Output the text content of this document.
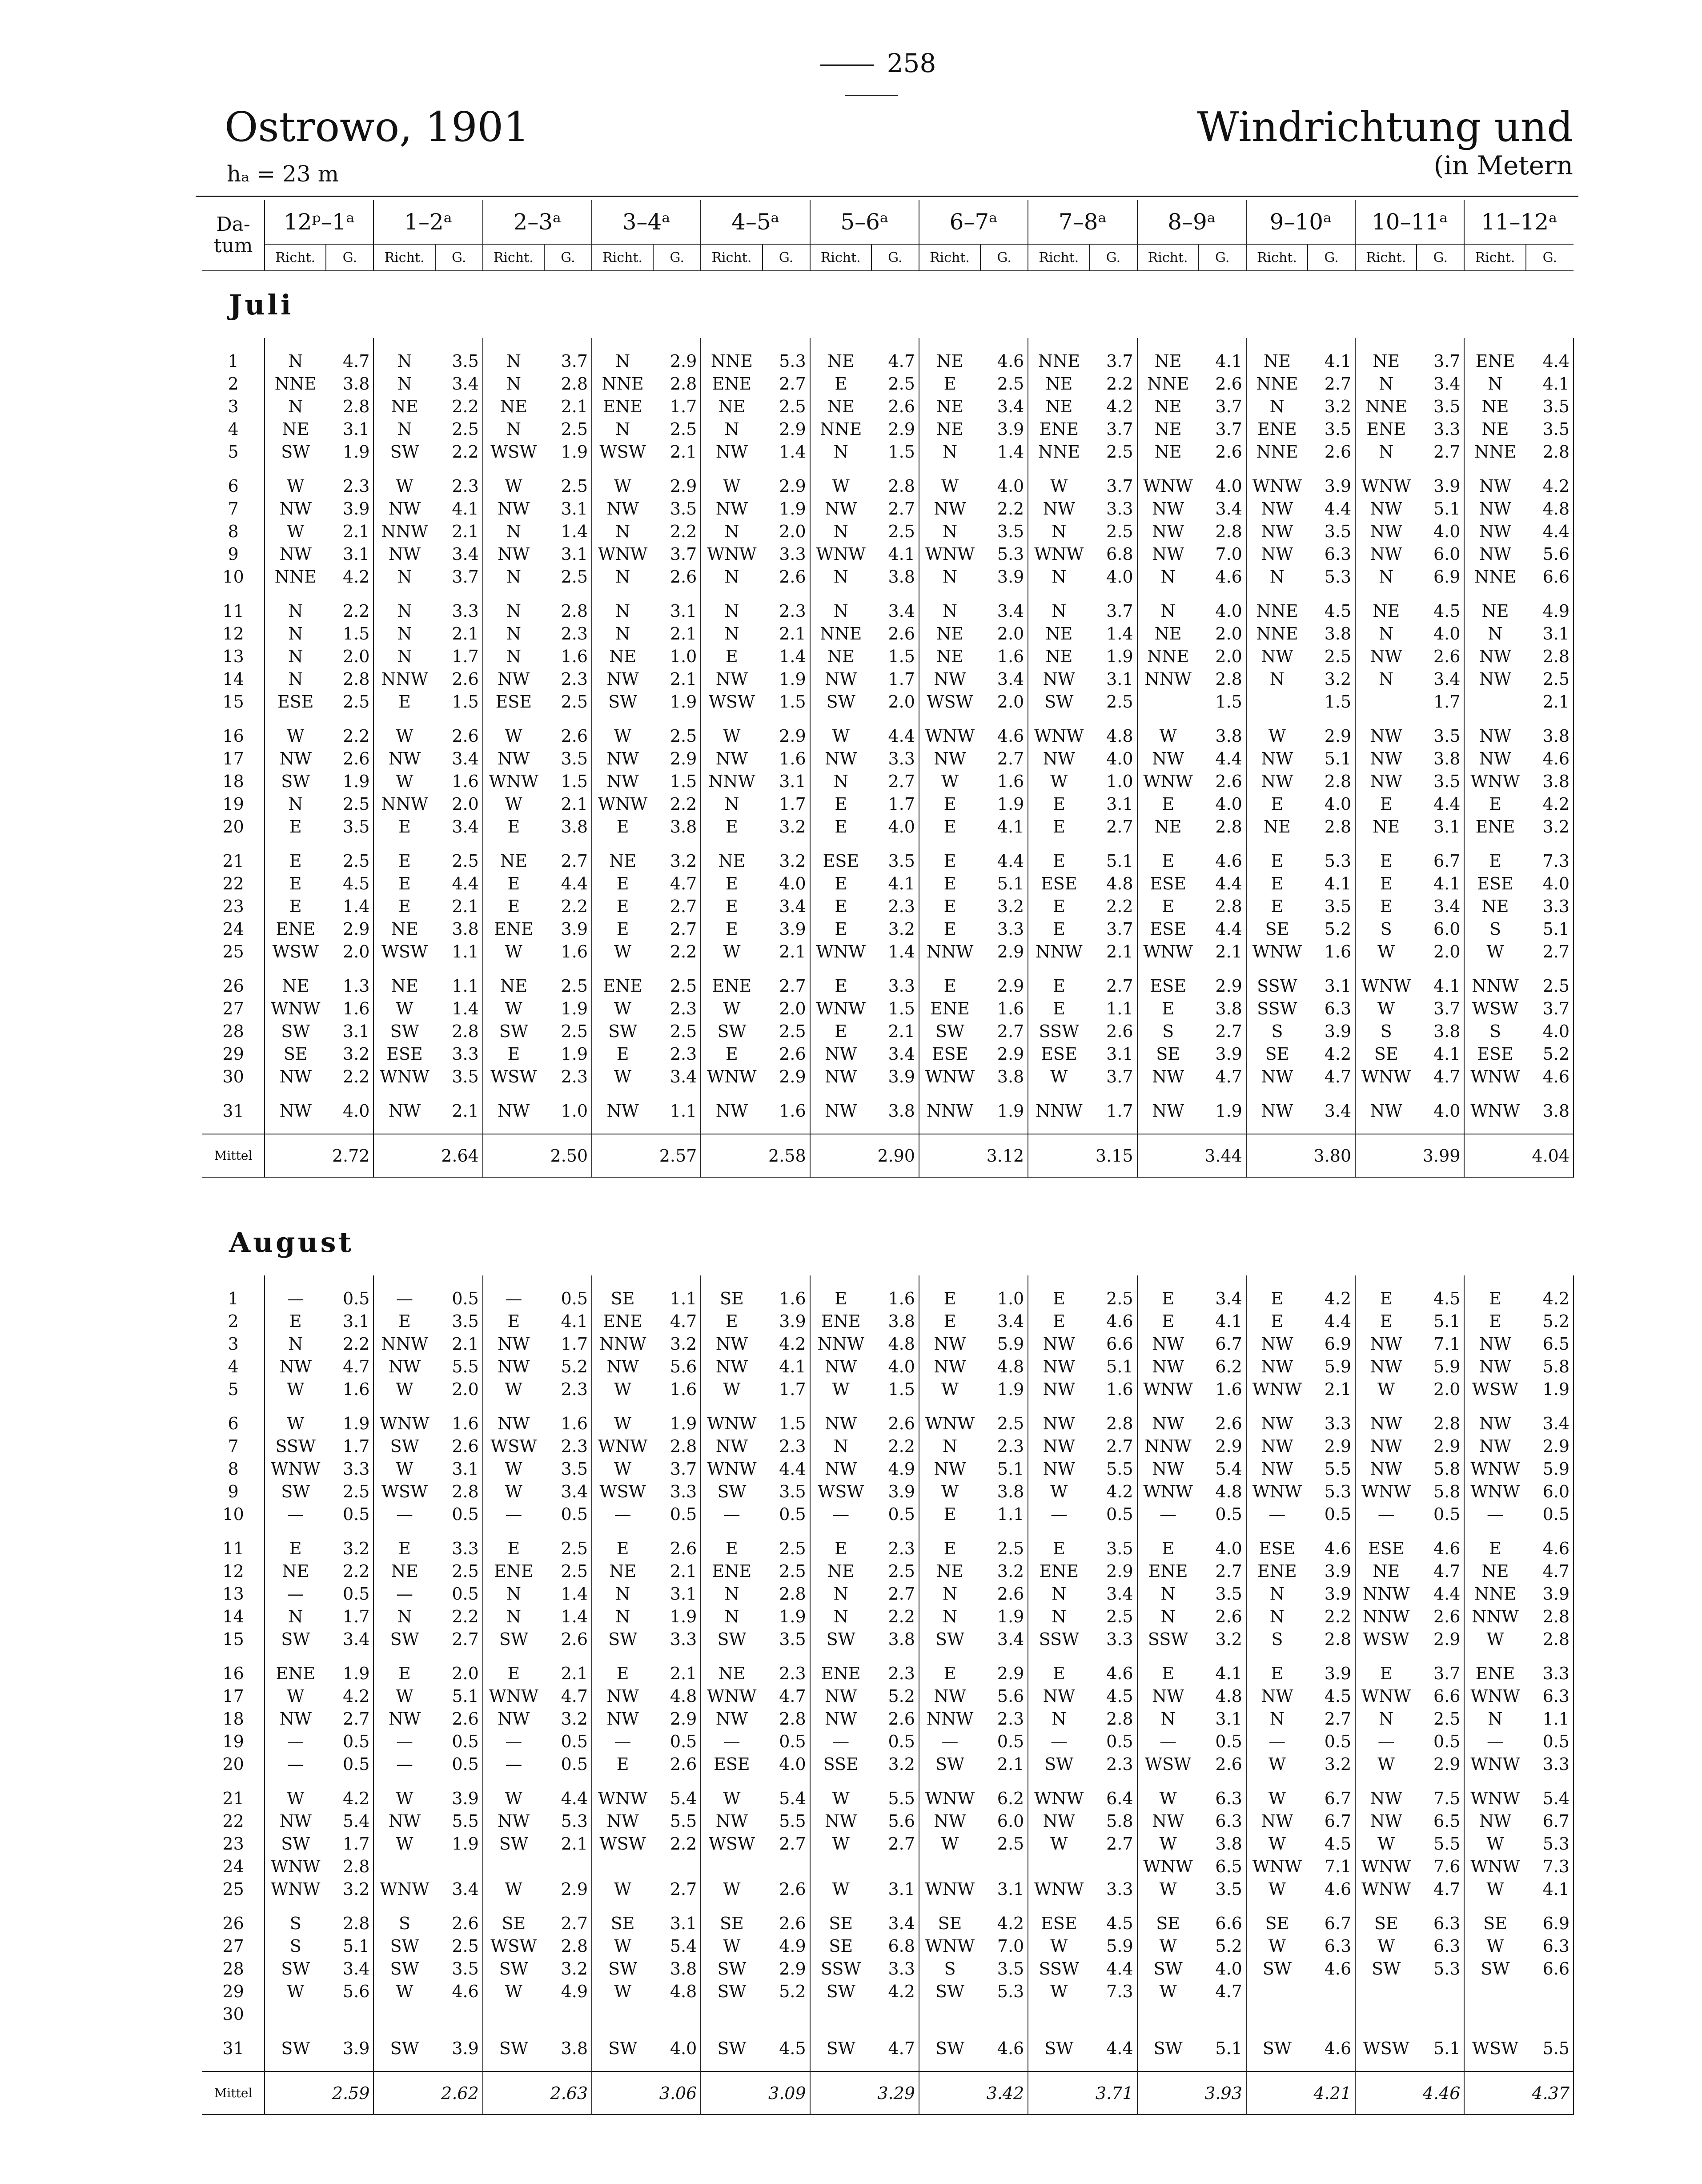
258
Ostrowo, 1901	Windrichtung und
hₐ = 23 m	(in Metern
Da-
tum	12ᵖ–1ᵃ		1–2ᵃ		2–3ᵃ		3–4ᵃ		4–5ᵃ		5–6ᵃ		6–7ᵃ		7–8ᵃ		8–9ᵃ		9–10ᵃ		10–11ᵃ		11–12ᵃ	
	Richt.	G.	Richt.	G.	Richt.	G.	Richt.	G.	Richt.	G.	Richt.	G.	Richt.	G.	Richt.	G.	Richt.	G.	Richt.	G.	Richt.	G.	Richt.	G.
Juli																								

1	N	4.7	N	3.5	N	3.7	N	2.9	NNE	5.3	NE	4.7	NE	4.6	NNE	3.7	NE	4.1	NE	4.1	NE	3.7	ENE	4.4
2	NNE	3.8	N	3.4	N	2.8	NNE	2.8	ENE	2.7	E	2.5	E	2.5	NE	2.2	NNE	2.6	NNE	2.7	N	3.4	N	4.1
3	N	2.8	NE	2.2	NE	2.1	ENE	1.7	NE	2.5	NE	2.6	NE	3.4	NE	4.2	NE	3.7	N	3.2	NNE	3.5	NE	3.5
4	NE	3.1	N	2.5	N	2.5	N	2.5	N	2.9	NNE	2.9	NE	3.9	ENE	3.7	NE	3.7	ENE	3.5	ENE	3.3	NE	3.5
5	SW	1.9	SW	2.2	WSW	1.9	WSW	2.1	NW	1.4	N	1.5	N	1.4	NNE	2.5	NE	2.6	NNE	2.6	N	2.7	NNE	2.8

6	W	2.3	W	2.3	W	2.5	W	2.9	W	2.9	W	2.8	W	4.0	W	3.7	WNW	4.0	WNW	3.9	WNW	3.9	NW	4.2
7	NW	3.9	NW	4.1	NW	3.1	NW	3.5	NW	1.9	NW	2.7	NW	2.2	NW	3.3	NW	3.4	NW	4.4	NW	5.1	NW	4.8
8	W	2.1	NNW	2.1	N	1.4	N	2.2	N	2.0	N	2.5	N	3.5	N	2.5	NW	2.8	NW	3.5	NW	4.0	NW	4.4
9	NW	3.1	NW	3.4	NW	3.1	WNW	3.7	WNW	3.3	WNW	4.1	WNW	5.3	WNW	6.8	NW	7.0	NW	6.3	NW	6.0	NW	5.6
10	NNE	4.2	N	3.7	N	2.5	N	2.6	N	2.6	N	3.8	N	3.9	N	4.0	N	4.6	N	5.3	N	6.9	NNE	6.6

11	N	2.2	N	3.3	N	2.8	N	3.1	N	2.3	N	3.4	N	3.4	N	3.7	N	4.0	NNE	4.5	NE	4.5	NE	4.9
12	N	1.5	N	2.1	N	2.3	N	2.1	N	2.1	NNE	2.6	NE	2.0	NE	1.4	NE	2.0	NNE	3.8	N	4.0	N	3.1
13	N	2.0	N	1.7	N	1.6	NE	1.0	E	1.4	NE	1.5	NE	1.6	NE	1.9	NNE	2.0	NW	2.5	NW	2.6	NW	2.8
14	N	2.8	NNW	2.6	NW	2.3	NW	2.1	NW	1.9	NW	1.7	NW	3.4	NW	3.1	NNW	2.8	N	3.2	N	3.4	NW	2.5
15	ESE	2.5	E	1.5	ESE	2.5	SW	1.9	WSW	1.5	SW	2.0	WSW	2.0	SW	2.5		1.5		1.5		1.7		2.1

16	W	2.2	W	2.6	W	2.6	W	2.5	W	2.9	W	4.4	WNW	4.6	WNW	4.8	W	3.8	W	2.9	NW	3.5	NW	3.8
17	NW	2.6	NW	3.4	NW	3.5	NW	2.9	NW	1.6	NW	3.3	NW	2.7	NW	4.0	NW	4.4	NW	5.1	NW	3.8	NW	4.6
18	SW	1.9	W	1.6	WNW	1.5	NW	1.5	NNW	3.1	N	2.7	W	1.6	W	1.0	WNW	2.6	NW	2.8	NW	3.5	WNW	3.8
19	N	2.5	NNW	2.0	W	2.1	WNW	2.2	N	1.7	E	1.7	E	1.9	E	3.1	E	4.0	E	4.0	E	4.4	E	4.2
20	E	3.5	E	3.4	E	3.8	E	3.8	E	3.2	E	4.0	E	4.1	E	2.7	NE	2.8	NE	2.8	NE	3.1	ENE	3.2

21	E	2.5	E	2.5	NE	2.7	NE	3.2	NE	3.2	ESE	3.5	E	4.4	E	5.1	E	4.6	E	5.3	E	6.7	E	7.3
22	E	4.5	E	4.4	E	4.4	E	4.7	E	4.0	E	4.1	E	5.1	ESE	4.8	ESE	4.4	E	4.1	E	4.1	ESE	4.0
23	E	1.4	E	2.1	E	2.2	E	2.7	E	3.4	E	2.3	E	3.2	E	2.2	E	2.8	E	3.5	E	3.4	NE	3.3
24	ENE	2.9	NE	3.8	ENE	3.9	E	2.7	E	3.9	E	3.2	E	3.3	E	3.7	ESE	4.4	SE	5.2	S	6.0	S	5.1
25	WSW	2.0	WSW	1.1	W	1.6	W	2.2	W	2.1	WNW	1.4	NNW	2.9	NNW	2.1	WNW	2.1	WNW	1.6	W	2.0	W	2.7

26	NE	1.3	NE	1.1	NE	2.5	ENE	2.5	ENE	2.7	E	3.3	E	2.9	E	2.7	ESE	2.9	SSW	3.1	WNW	4.1	NNW	2.5
27	WNW	1.6	W	1.4	W	1.9	W	2.3	W	2.0	WNW	1.5	ENE	1.6	E	1.1	E	3.8	SSW	6.3	W	3.7	WSW	3.7
28	SW	3.1	SW	2.8	SW	2.5	SW	2.5	SW	2.5	E	2.1	SW	2.7	SSW	2.6	S	2.7	S	3.9	S	3.8	S	4.0
29	SE	3.2	ESE	3.3	E	1.9	E	2.3	E	2.6	NW	3.4	ESE	2.9	ESE	3.1	SE	3.9	SE	4.2	SE	4.1	ESE	5.2
30	NW	2.2	WNW	3.5	WSW	2.3	W	3.4	WNW	2.9	NW	3.9	WNW	3.8	W	3.7	NW	4.7	NW	4.7	WNW	4.7	WNW	4.6

31	NW	4.0	NW	2.1	NW	1.0	NW	1.1	NW	1.6	NW	3.8	NNW	1.9	NNW	1.7	NW	1.9	NW	3.4	NW	4.0	WNW	3.8

Mittel		2.72		2.64		2.50		2.57		2.58		2.90		3.12		3.15		3.44		3.80		3.99		4.04

August																								

1	—	0.5	—	0.5	—	0.5	SE	1.1	SE	1.6	E	1.6	E	1.0	E	2.5	E	3.4	E	4.2	E	4.5	E	4.2
2	E	3.1	E	3.5	E	4.1	ENE	4.7	E	3.9	ENE	3.8	E	3.4	E	4.6	E	4.1	E	4.4	E	5.1	E	5.2
3	N	2.2	NNW	2.1	NW	1.7	NNW	3.2	NW	4.2	NNW	4.8	NW	5.9	NW	6.6	NW	6.7	NW	6.9	NW	7.1	NW	6.5
4	NW	4.7	NW	5.5	NW	5.2	NW	5.6	NW	4.1	NW	4.0	NW	4.8	NW	5.1	NW	6.2	NW	5.9	NW	5.9	NW	5.8
5	W	1.6	W	2.0	W	2.3	W	1.6	W	1.7	W	1.5	W	1.9	NW	1.6	WNW	1.6	WNW	2.1	W	2.0	WSW	1.9

6	W	1.9	WNW	1.6	NW	1.6	W	1.9	WNW	1.5	NW	2.6	WNW	2.5	NW	2.8	NW	2.6	NW	3.3	NW	2.8	NW	3.4
7	SSW	1.7	SW	2.6	WSW	2.3	WNW	2.8	NW	2.3	N	2.2	N	2.3	NW	2.7	NNW	2.9	NW	2.9	NW	2.9	NW	2.9
8	WNW	3.3	W	3.1	W	3.5	W	3.7	WNW	4.4	NW	4.9	NW	5.1	NW	5.5	NW	5.4	NW	5.5	NW	5.8	WNW	5.9
9	SW	2.5	WSW	2.8	W	3.4	WSW	3.3	SW	3.5	WSW	3.9	W	3.8	W	4.2	WNW	4.8	WNW	5.3	WNW	5.8	WNW	6.0
10	—	0.5	—	0.5	—	0.5	—	0.5	—	0.5	—	0.5	E	1.1	—	0.5	—	0.5	—	0.5	—	0.5	—	0.5

11	E	3.2	E	3.3	E	2.5	E	2.6	E	2.5	E	2.3	E	2.5	E	3.5	E	4.0	ESE	4.6	ESE	4.6	E	4.6
12	NE	2.2	NE	2.5	ENE	2.5	NE	2.1	ENE	2.5	NE	2.5	NE	3.2	ENE	2.9	ENE	2.7	ENE	3.9	NE	4.7	NE	4.7
13	—	0.5	—	0.5	N	1.4	N	3.1	N	2.8	N	2.7	N	2.6	N	3.4	N	3.5	N	3.9	NNW	4.4	NNE	3.9
14	N	1.7	N	2.2	N	1.4	N	1.9	N	1.9	N	2.2	N	1.9	N	2.5	N	2.6	N	2.2	NNW	2.6	NNW	2.8
15	SW	3.4	SW	2.7	SW	2.6	SW	3.3	SW	3.5	SW	3.8	SW	3.4	SSW	3.3	SSW	3.2	S	2.8	WSW	2.9	W	2.8

16	ENE	1.9	E	2.0	E	2.1	E	2.1	NE	2.3	ENE	2.3	E	2.9	E	4.6	E	4.1	E	3.9	E	3.7	ENE	3.3
17	W	4.2	W	5.1	WNW	4.7	NW	4.8	WNW	4.7	NW	5.2	NW	5.6	NW	4.5	NW	4.8	NW	4.5	WNW	6.6	WNW	6.3
18	NW	2.7	NW	2.6	NW	3.2	NW	2.9	NW	2.8	NW	2.6	NNW	2.3	N	2.8	N	3.1	N	2.7	N	2.5	N	1.1
19	—	0.5	—	0.5	—	0.5	—	0.5	—	0.5	—	0.5	—	0.5	—	0.5	—	0.5	—	0.5	—	0.5	—	0.5
20	—	0.5	—	0.5	—	0.5	E	2.6	ESE	4.0	SSE	3.2	SW	2.1	SW	2.3	WSW	2.6	W	3.2	W	2.9	WNW	3.3

21	W	4.2	W	3.9	W	4.4	WNW	5.4	W	5.4	W	5.5	WNW	6.2	WNW	6.4	W	6.3	W	6.7	NW	7.5	WNW	5.4
22	NW	5.4	NW	5.5	NW	5.3	NW	5.5	NW	5.5	NW	5.6	NW	6.0	NW	5.8	NW	6.3	NW	6.7	NW	6.5	NW	6.7
23	SW	1.7	W	1.9	SW	2.1	WSW	2.2	WSW	2.7	W	2.7	W	2.5	W	2.7	W	3.8	W	4.5	W	5.5	W	5.3
24	WNW	2.8															WNW	6.5	WNW	7.1	WNW	7.6	WNW	7.3
25	WNW	3.2	WNW	3.4	W	2.9	W	2.7	W	2.6	W	3.1	WNW	3.1	WNW	3.3	W	3.5	W	4.6	WNW	4.7	W	4.1

26	S	2.8	S	2.6	SE	2.7	SE	3.1	SE	2.6	SE	3.4	SE	4.2	ESE	4.5	SE	6.6	SE	6.7	SE	6.3	SE	6.9
27	S	5.1	SW	2.5	WSW	2.8	W	5.4	W	4.9	SE	6.8	WNW	7.0	W	5.9	W	5.2	W	6.3	W	6.3	W	6.3
28	SW	3.4	SW	3.5	SW	3.2	SW	3.8	SW	2.9	SSW	3.3	S	3.5	SSW	4.4	SW	4.0	SW	4.6	SW	5.3	SW	6.6
29	W	5.6	W	4.6	W	4.9	W	4.8	SW	5.2	SW	4.2	SW	5.3	W	7.3	W	4.7						
30																								

31	SW	3.9	SW	3.9	SW	3.8	SW	4.0	SW	4.5	SW	4.7	SW	4.6	SW	4.4	SW	5.1	SW	4.6	WSW	5.1	WSW	5.5

Mittel		2.59		2.62		2.63		3.06		3.09		3.29		3.42		3.71		3.93		4.21		4.46		4.37
